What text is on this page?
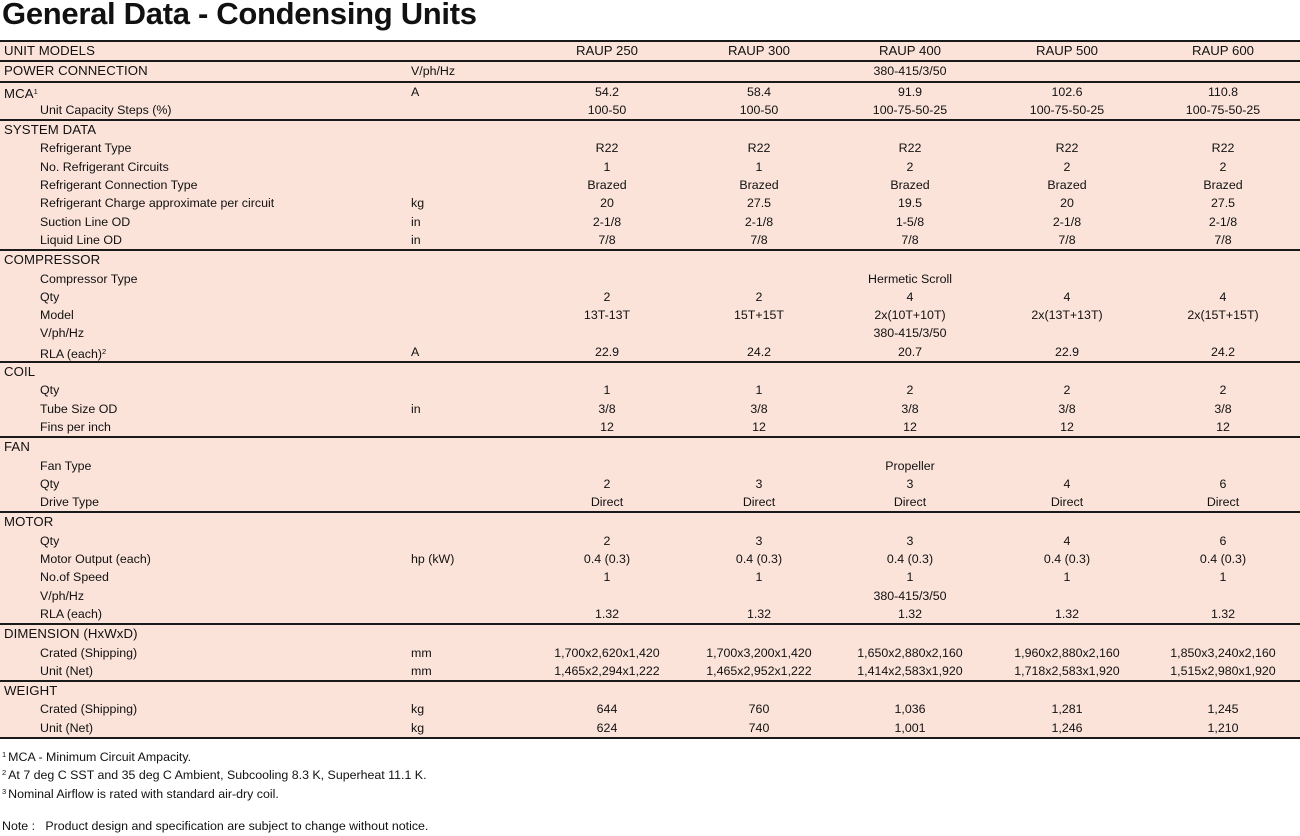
General Data - Condensing Units
UNIT MODELS	RAUP 250	RAUP 300	RAUP 400	RAUP 500	RAUP 600
POWER CONNECTION	V/ph/Hz	380-415/3/50
MCA$^1$	A	54.2	58.4	91.9	102.6	110.8
Unit Capacity Steps (%)	100-50	100-50	100-75-50-25	100-75-50-25	100-75-50-25
SYSTEM DATA
Refrigerant Type	R22	R22	R22	R22	R22
No. Refrigerant Circuits	1	1	2	2	2
Refrigerant Connection Type	Brazed	Brazed	Brazed	Brazed	Brazed
Refrigerant Charge approximate per circuit	kg	20	27.5	19.5	20	27.5
Suction Line OD	in	2-1/8	2-1/8	1-5/8	2-1/8	2-1/8
Liquid Line OD	in	7/8	7/8	7/8	7/8	7/8
COMPRESSOR
Compressor Type	Hermetic Scroll
Qty	2	2	4	4	4
Model	13T-13T	15T+15T	2x(10T+10T)	2x(13T+13T)	2x(15T+15T)
V/ph/Hz	380-415/3/50
RLA (each)$^2$	A	22.9	24.2	20.7	22.9	24.2
COIL
Qty	1	1	2	2	2
Tube Size OD	in	3/8	3/8	3/8	3/8	3/8
Fins per inch	12	12	12	12	12
FAN
Fan Type	Propeller
Qty	2	3	3	4	6
Drive Type	Direct	Direct	Direct	Direct	Direct
MOTOR
Qty	2	3	3	4	6
Motor Output (each)	hp (kW)	0.4 (0.3)	0.4 (0.3)	0.4 (0.3)	0.4 (0.3)	0.4 (0.3)
No.of Speed	1	1	1	1	1
V/ph/Hz	380-415/3/50
RLA (each)	1.32	1.32	1.32	1.32	1.32
DIMENSION (HxWxD)
Crated (Shipping)	mm	1,700x2,620x1,420	1,700x3,200x1,420	1,650x2,880x2,160	1,960x2,880x2,160	1,850x3,240x2,160
Unit (Net)	mm	1,465x2,294x1,222	1,465x2,952x1,222	1,414x2,583x1,920	1,718x2,583x1,920	1,515x2,980x1,920
WEIGHT
Crated (Shipping)	kg	644	760	1,036	1,281	1,245
Unit (Net)	kg	624	740	1,001	1,246	1,210
$^1$ MCA - Minimum Circuit Ampacity.
$^2$ At 7 deg C SST and 35 deg C Ambient, Subcooling 8.3 K, Superheat 11.1 K.
$^3$ Nominal Airflow is rated with standard air-dry coil.
Note :   Product design and specification are subject to change without notice.
